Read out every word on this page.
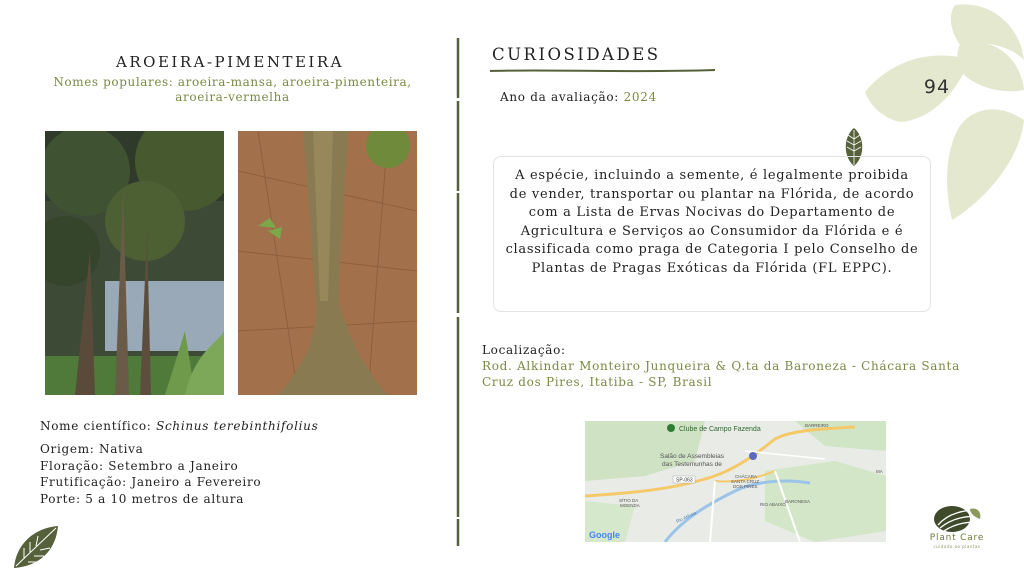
94
AROEIRA-PIMENTEIRA
Nomes populares: aroeira-mansa, aroeira-pimenteira, aroeira-vermelha
Nome científico: Schinus terebinthifolius
Origem: Nativa
Floração: Setembro a Janeiro
Frutificação: Janeiro a Fevereiro
Porte: 5 a 10 metros de altura
CURIOSIDADES
Ano da avaliação: 2024
A espécie, incluindo a semente, é legalmente proibida de vender, transportar ou plantar na Flórida, de acordo com a Lista de Ervas Nocivas do Departamento de Agricultura e Serviços ao Consumidor da Flórida e é classificada como praga de Categoria I pelo Conselho de Plantas de Pragas Exóticas da Flórida (FL EPPC).
Localização:
Rod. Alkindar Monteiro Junqueira & Q.ta da Baroneza - Chácara Santa Cruz dos Pires, Itatiba - SP, Brasil
Clube de Campo Fazenda
Salão de Assembleias
das Testemunhas de
SP-063
CHÁCARA
SANTA CRUZ
DOS PIRES
SÍTIO DA
MOENDA	RIO ABAIXO
BARONESA
BARREIRO
MA
Rio Atibaia
Google	Plant Care
cuidado ao plantas
